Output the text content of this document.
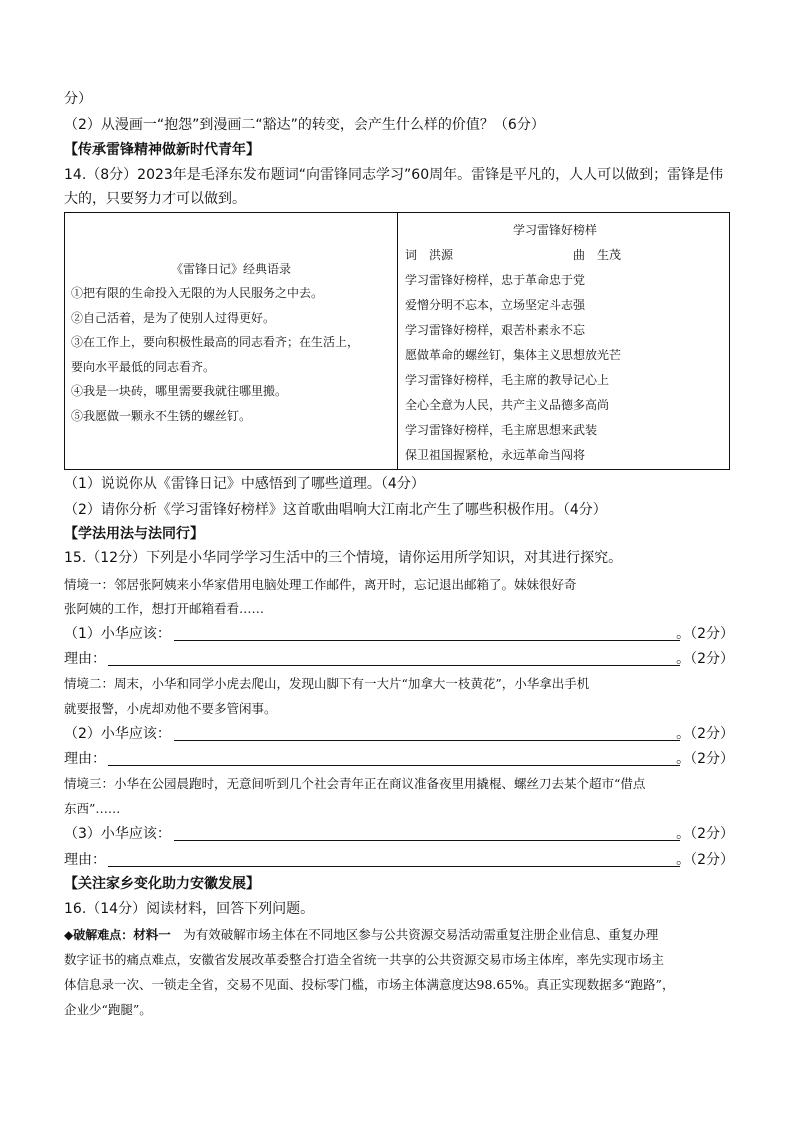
分）
（2）从漫画一“抱怨”到漫画二“豁达”的转变，会产生什么样的价值？（6分）
【传承雷锋精神做新时代青年】
14.（8分）2023年是毛泽东发布题词“向雷锋同志学习”60周年。雷锋是平凡的，人人可以做到；雷锋是伟
大的，只要努力才可以做到。
《雷锋日记》经典语录
①把有限的生命投入无限的为人民服务之中去。
②自己活着，是为了使别人过得更好。
③在工作上，要向积极性最高的同志看齐；在生活上，
要向水平最低的同志看齐。
④我是一块砖，哪里需要我就往哪里搬。
⑤我愿做一颗永不生锈的螺丝钉。
学习雷锋好榜样
词　洪源	曲　生茂
学习雷锋好榜样，忠于革命忠于党
爱憎分明不忘本，立场坚定斗志强
学习雷锋好榜样，艰苦朴素永不忘
愿做革命的螺丝钉，集体主义思想放光芒
学习雷锋好榜样，毛主席的教导记心上
全心全意为人民，共产主义品德多高尚
学习雷锋好榜样，毛主席思想来武装
保卫祖国握紧枪，永远革命当闯将
（1）说说你从《雷锋日记》中感悟到了哪些道理。（4分）
（2）请你分析《学习雷锋好榜样》这首歌曲唱响大江南北产生了哪些积极作用。（4分）
【学法用法与法同行】
15.（12分）下列是小华同学学习生活中的三个情境，请你运用所学知识，对其进行探究。
情境一：邻居张阿姨来小华家借用电脑处理工作邮件，离开时，忘记退出邮箱了。妹妹很好奇
张阿姨的工作，想打开邮箱看看……
（1）小华应该：	。（2分）
理由：	。（2分）
情境二：周末，小华和同学小虎去爬山，发现山脚下有一大片“加拿大一枝黄花”，小华拿出手机
就要报警，小虎却劝他不要多管闲事。
（2）小华应该：	。（2分）
理由：	。（2分）
情境三：小华在公园晨跑时，无意间听到几个社会青年正在商议准备夜里用撬棍、螺丝刀去某个超市“借点
东西”……
（3）小华应该：	。（2分）
理由：	。（2分）
【关注家乡变化助力安徽发展】
16.（14分）阅读材料，回答下列问题。
◆破解难点：材料一　 为有效破解市场主体在不同地区参与公共资源交易活动需重复注册企业信息、重复办理
数字证书的痛点难点，安徽省发展改革委整合打造全省统一共享的公共资源交易市场主体库，率先实现市场主
体信息录一次、一锁走全省，交易不见面、投标零门槛，市场主体满意度达98.65%。真正实现数据多“跑路”，
企业少“跑腿”。
